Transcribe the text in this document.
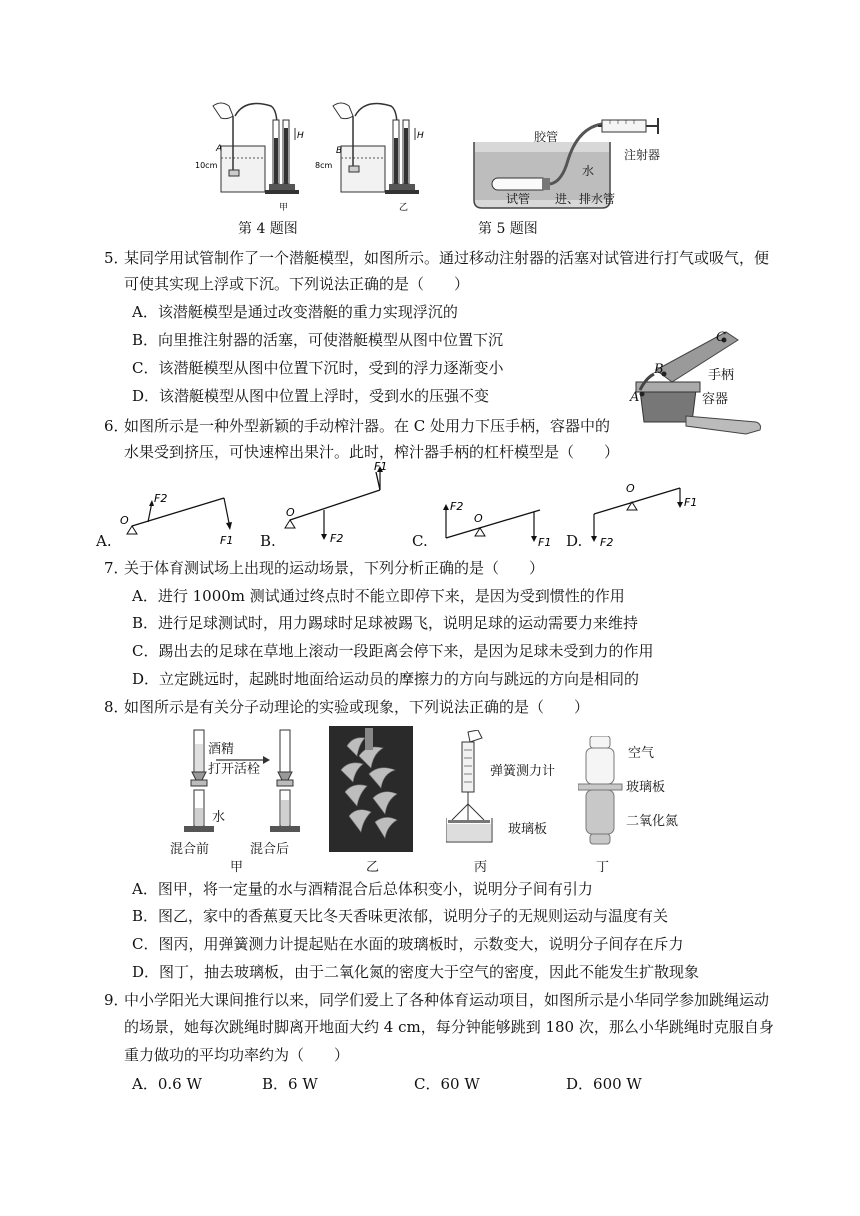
A
H
10cm
甲
B
H
8cm
乙
胶管
注射器
水
试管 进、排水管
第 4 题图	第 5 题图
5．某同学用试管制作了一个潜艇模型，如图所示。通过移动注射器的活塞对试管进行打气或吸气，便
可使其实现上浮或下沉。下列说法正确的是（　　）
A．该潜艇模型是通过改变潜艇的重力实现浮沉的
B．向里推注射器的活塞，可使潜艇模型从图中位置下沉
C．该潜艇模型从图中位置下沉时，受到的浮力逐渐变小
D．该潜艇模型从图中位置上浮时，受到水的压强不变
C
B
A
手柄
容器
6．如图所示是一种外型新颖的手动榨汁器。在 C 处用力下压手柄，容器中的
水果受到挤压，可快速榨出果汁。此时，榨汁器手柄的杠杆模型是（　　）
A.
O
F2
F1 B.
O
F1
F2	C.
F2
O
F1 D.
O
F1
F2
7．关于体育测试场上出现的运动场景，下列分析正确的是（　　）
A．进行 1000m 测试通过终点时不能立即停下来，是因为受到惯性的作用
B．进行足球测试时，用力踢球时足球被踢飞，说明足球的运动需要力来维持
C．踢出去的足球在草地上滚动一段距离会停下来，是因为足球未受到力的作用
D．立定跳远时，起跳时地面给运动员的摩擦力的方向与跳远的方向是相同的
8．如图所示是有关分子动理论的实验或现象，下列说法正确的是（　　）
酒精
打开活栓
水
混合前	混合后
甲	乙
弹簧测力计
玻璃板
丙
空气
玻璃板
二氧化氮
丁
A．图甲，将一定量的水与酒精混合后总体积变小，说明分子间有引力
B．图乙，家中的香蕉夏天比冬天香味更浓郁，说明分子的无规则运动与温度有关
C．图丙，用弹簧测力计提起贴在水面的玻璃板时，示数变大，说明分子间存在斥力
D．图丁，抽去玻璃板，由于二氧化氮的密度大于空气的密度，因此不能发生扩散现象
9．中小学阳光大课间推行以来，同学们爱上了各种体育运动项目，如图所示是小华同学参加跳绳运动
的场景，她每次跳绳时脚离开地面大约 4 cm，每分钟能够跳到 180 次，那么小华跳绳时克服自身
重力做功的平均功率约为（　　）
A．0.6 W	B．6 W	C．60 W	D．600 W
